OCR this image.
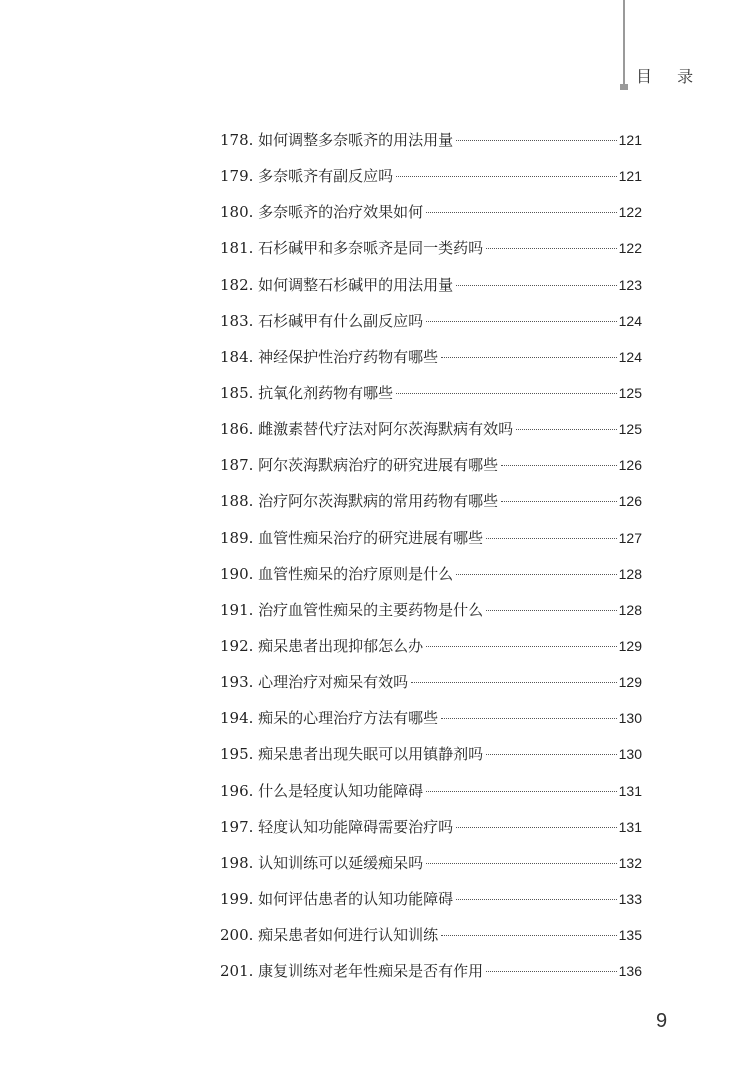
目 录
178. 如何调整多奈哌齐的用法用量	121
179. 多奈哌齐有副反应吗	121
180. 多奈哌齐的治疗效果如何	122
181. 石杉碱甲和多奈哌齐是同一类药吗	122
182. 如何调整石杉碱甲的用法用量	123
183. 石杉碱甲有什么副反应吗	124
184. 神经保护性治疗药物有哪些	124
185. 抗氧化剂药物有哪些	125
186. 雌激素替代疗法对阿尔茨海默病有效吗	125
187. 阿尔茨海默病治疗的研究进展有哪些	126
188. 治疗阿尔茨海默病的常用药物有哪些	126
189. 血管性痴呆治疗的研究进展有哪些	127
190. 血管性痴呆的治疗原则是什么	128
191. 治疗血管性痴呆的主要药物是什么	128
192. 痴呆患者出现抑郁怎么办	129
193. 心理治疗对痴呆有效吗	129
194. 痴呆的心理治疗方法有哪些	130
195. 痴呆患者出现失眠可以用镇静剂吗	130
196. 什么是轻度认知功能障碍	131
197. 轻度认知功能障碍需要治疗吗	131
198. 认知训练可以延缓痴呆吗	132
199. 如何评估患者的认知功能障碍	133
200. 痴呆患者如何进行认知训练	135
201. 康复训练对老年性痴呆是否有作用	136
9
